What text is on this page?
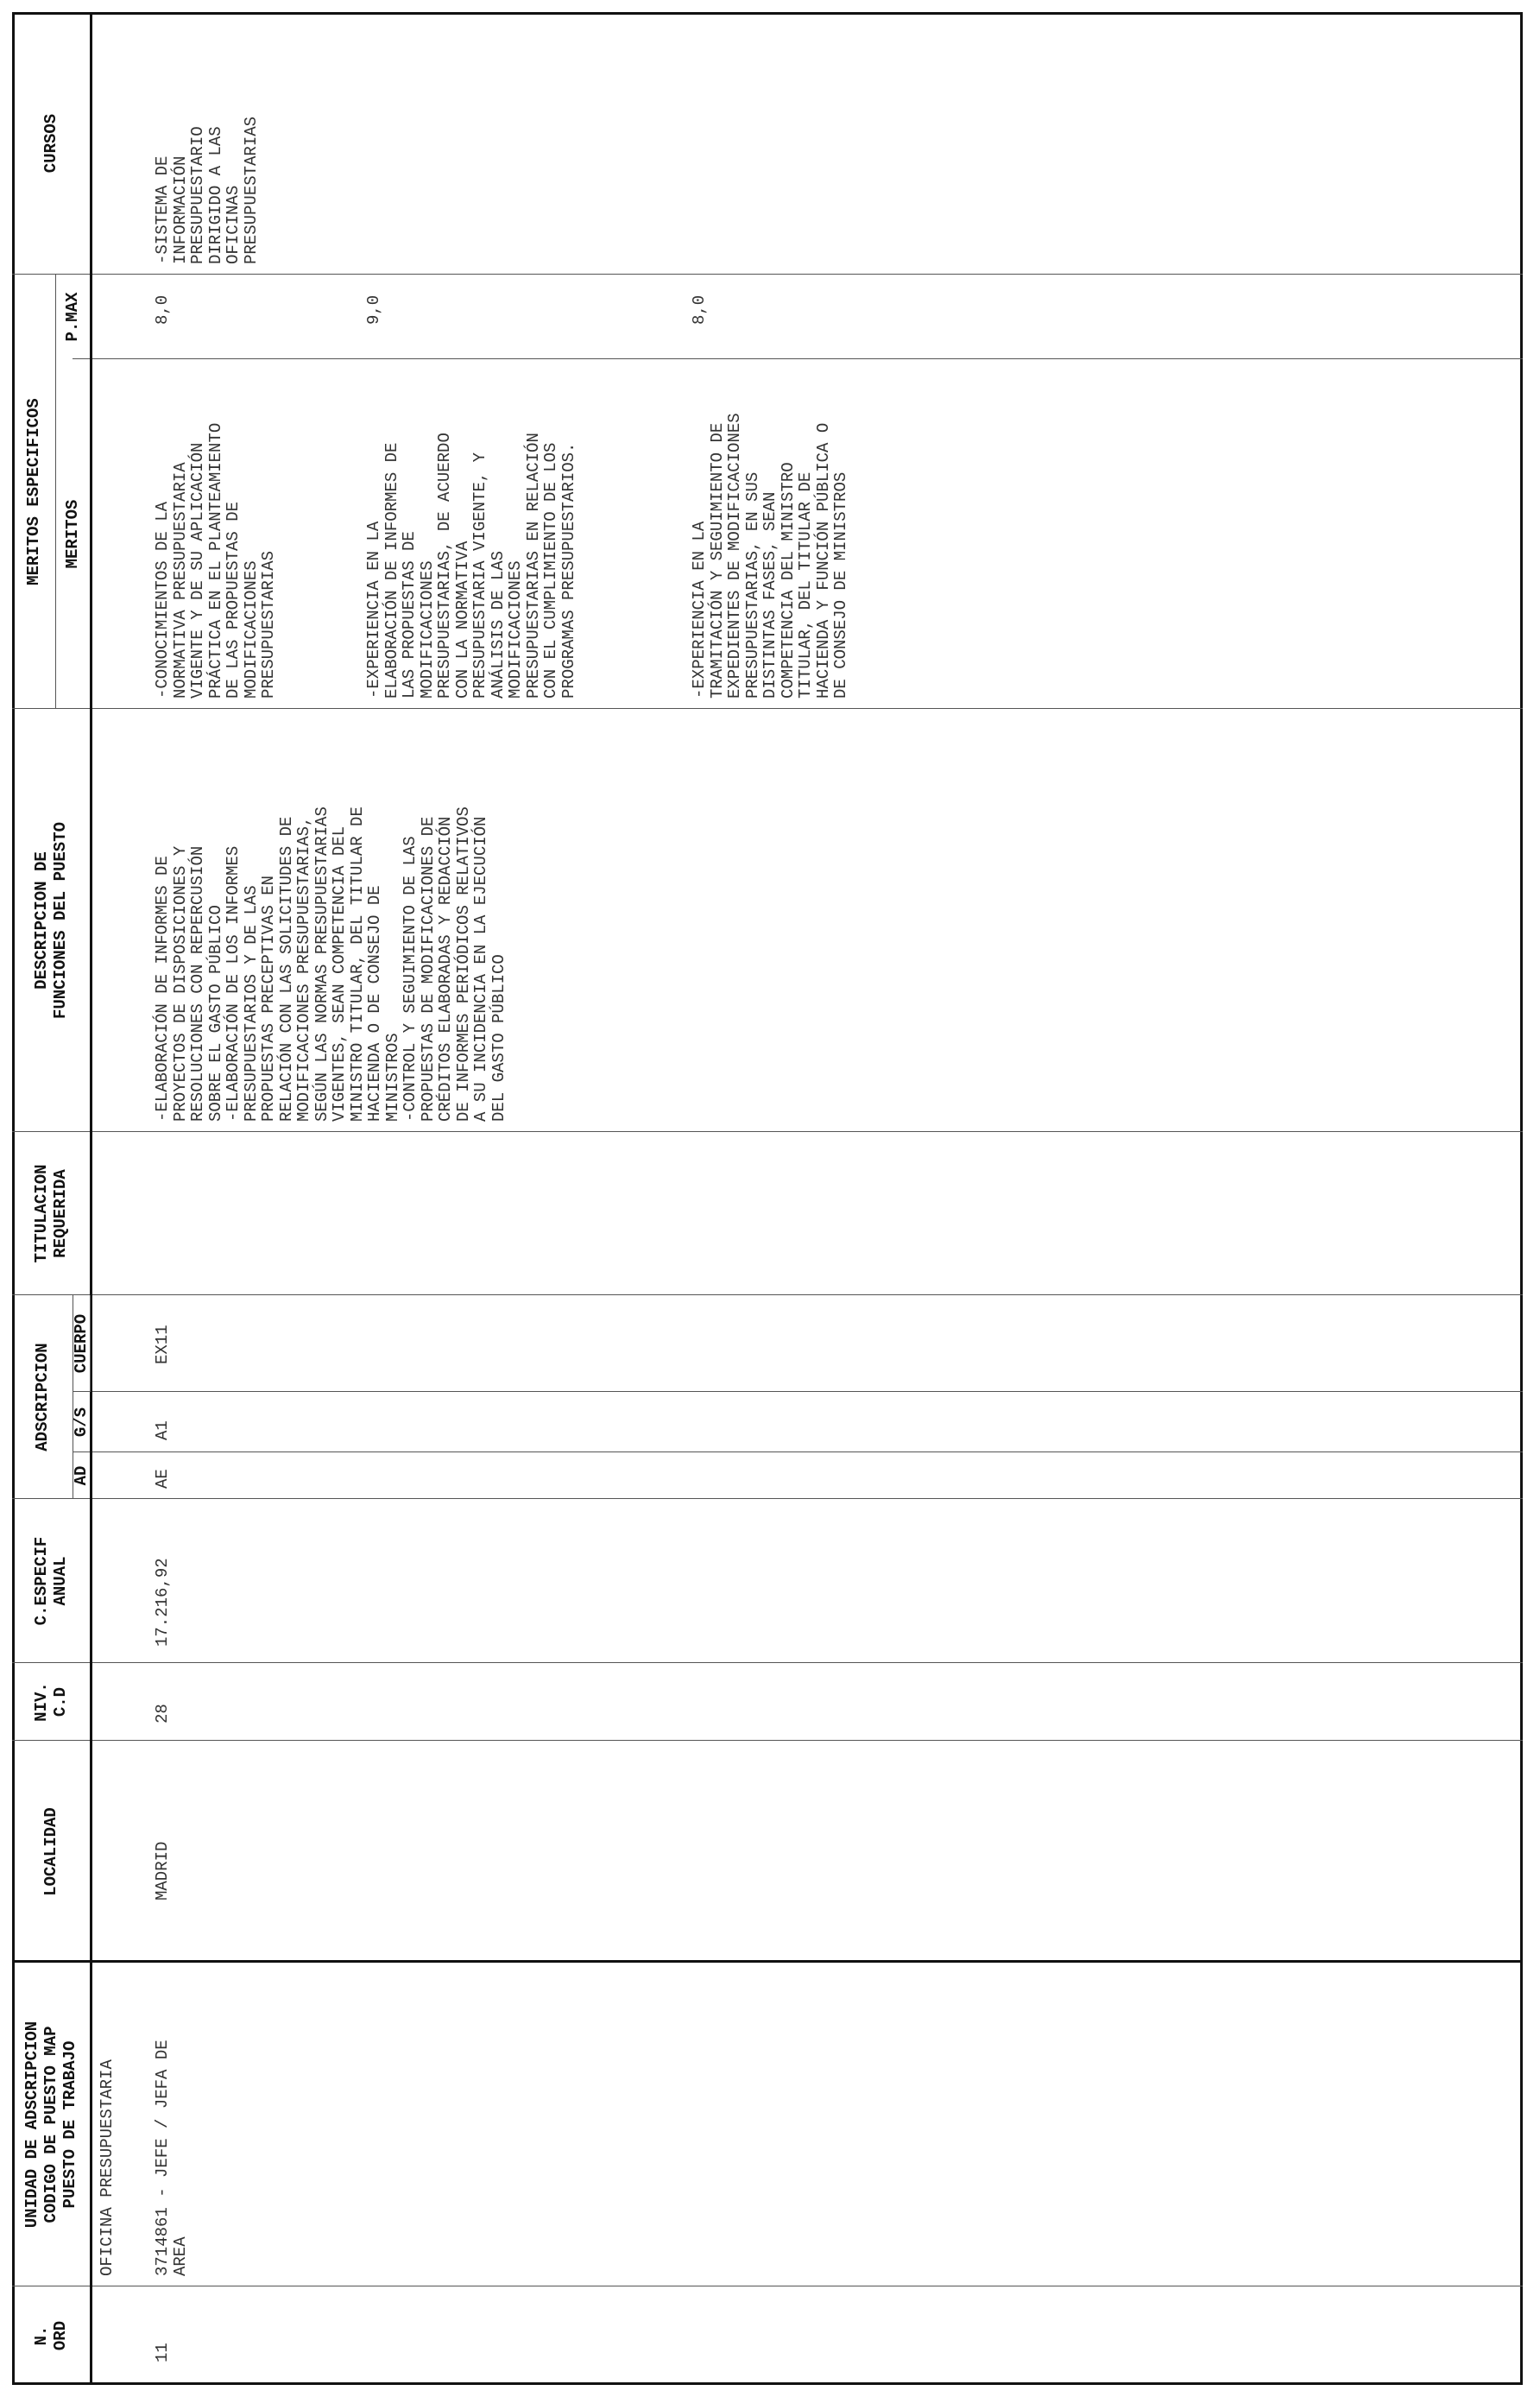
N.
ORD
UNIDAD DE ADSCRIPCION
CODIGO DE PUESTO MAP
PUESTO DE TRABAJO
LOCALIDAD
NIV.
C.D
C.ESPECIF
ANUAL
ADSCRIPCION
AD
G/S
CUERPO
TITULACION
REQUERIDA
DESCRIPCION DE
FUNCIONES DEL PUESTO
MERITOS ESPECIFICOS	MERITOS
P.MAX
CURSOS
OFICINA PRESUPUESTARIA
11
3714861 - JEFE / JEFA DE
AREA
MADRID
28
17.216,92
AE
A1
EX11
-ELABORACIÓN DE INFORMES DE
PROYECTOS DE DISPOSICIONES Y
RESOLUCIONES CON REPERCUSIÓN
SOBRE EL GASTO PÚBLICO
-ELABORACIÓN DE LOS INFORMES
PRESUPUESTARIOS Y DE LAS
PROPUESTAS PRECEPTIVAS EN
RELACIÓN CON LAS SOLICITUDES DE
MODIFICACIONES PRESUPUESTARIAS,
SEGÚN LAS NORMAS PRESUPUESTARIAS
VIGENTES, SEAN COMPETENCIA DEL
MINISTRO TITULAR, DEL TITULAR DE
HACIENDA O DE CONSEJO DE
MINISTROS
-CONTROL Y SEGUIMIENTO DE LAS
PROPUESTAS DE MODIFICACIONES DE
CRÉDITOS ELABORADAS Y REDACCIÓN
DE INFORMES PERIÓDICOS RELATIVOS
A SU INCIDENCIA EN LA EJECUCIÓN
DEL GASTO PÚBLICO
-CONOCIMIENTOS DE LA
NORMATIVA PRESUPUESTARIA
VIGENTE Y DE SU APLICACIÓN
PRÁCTICA EN EL PLANTEAMIENTO
DE LAS PROPUESTAS DE
MODIFICACIONES
PRESUPUESTARIAS
8,0
-EXPERIENCIA EN LA
ELABORACIÓN DE INFORMES DE
LAS PROPUESTAS DE
MODIFICACIONES
PRESUPUESTARIAS, DE ACUERDO
CON LA NORMATIVA
PRESUPUESTARIA VIGENTE, Y
ANÁLISIS DE LAS
MODIFICACIONES
PRESUPUESTARIAS EN RELACIÓN
CON EL CUMPLIMIENTO DE LOS
PROGRAMAS PRESUPUESTARIOS.
9,0
-EXPERIENCIA EN LA
TRAMITACIÓN Y SEGUIMIENTO DE
EXPEDIENTES DE MODIFICACIONES
PRESUPUESTARIAS, EN SUS
DISTINTAS FASES, SEAN
COMPETENCIA DEL MINISTRO
TITULAR, DEL TITULAR DE
HACIENDA Y FUNCIÓN PÚBLICA O
DE CONSEJO DE MINISTROS
8,0
-SISTEMA DE
INFORMACIÓN
PRESUPUESTARIO
DIRIGIDO A LAS
OFICINAS
PRESUPUESTARIAS
